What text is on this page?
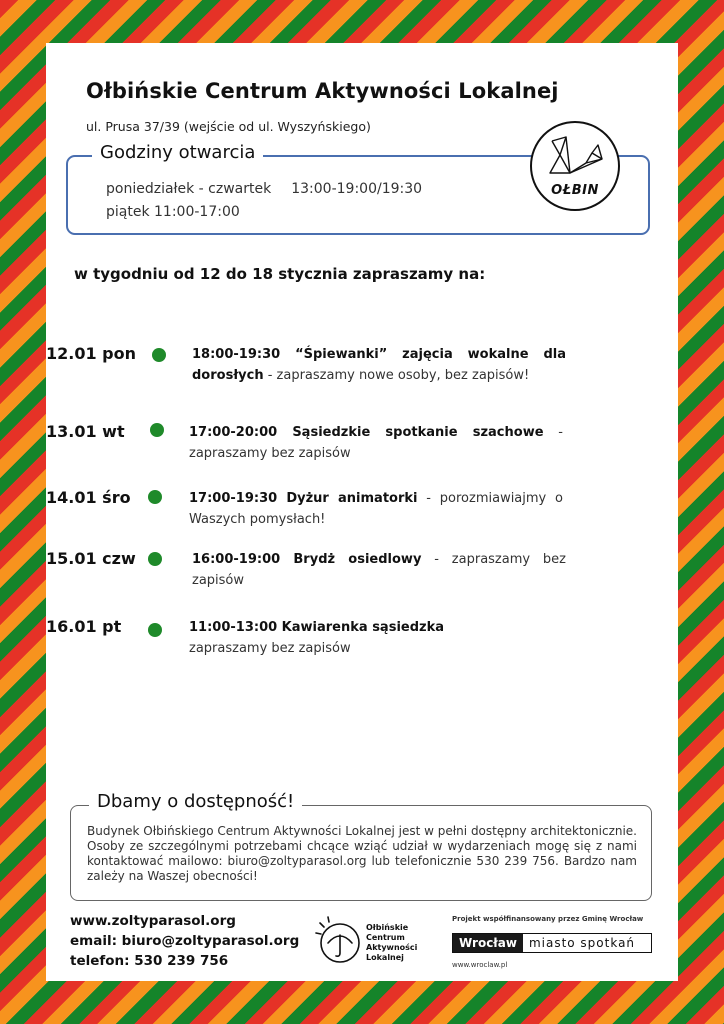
Ołbińskie Centrum Aktywności Lokalnej
ul. Prusa 37/39 (wejście od ul. Wyszyńskiego)
Godziny otwarcia
poniedziałek - czwartek 13:00-19:00/19:30
piątek 11:00-17:00
OŁBIN
w tygodniu od 12 do 18 stycznia zapraszamy na:
12.01 pon	18:00-19:30 “Śpiewanki” zajęcia wokalne dla dorosłych - zapraszamy nowe osoby, bez zapisów!
13.01 wt	17:00-20:00 Sąsiedzkie spotkanie szachowe - zapraszamy bez zapisów
14.01 śro	17:00-19:30 Dyżur animatorki - porozmiawiajmy o Waszych pomysłach!
15.01 czw	16:00-19:00 Brydż osiedlowy - zapraszamy bez zapisów
16.01 pt	11:00-13:00 Kawiarenka sąsiedzka
zapraszamy bez zapisów
Dbamy o dostępność!
Budynek Ołbińskiego Centrum Aktywności Lokalnej jest w pełni dostępny architektonicznie. Osoby ze szczególnymi potrzebami chcące wziąć udział w wydarzeniach mogę się z nami kontaktować mailowo: biuro@zoltyparasol.org lub telefonicznie 530 239 756. Bardzo nam zależy na Waszej obecności!
www.zoltyparasol.org
email: biuro@zoltyparasol.org
telefon: 530 239 756
Ołbińskie
Centrum
Aktywności
Lokalnej
Projekt współfinansowany przez Gminę Wrocław
Wrocław	miasto spotkań
www.wroclaw.pl
